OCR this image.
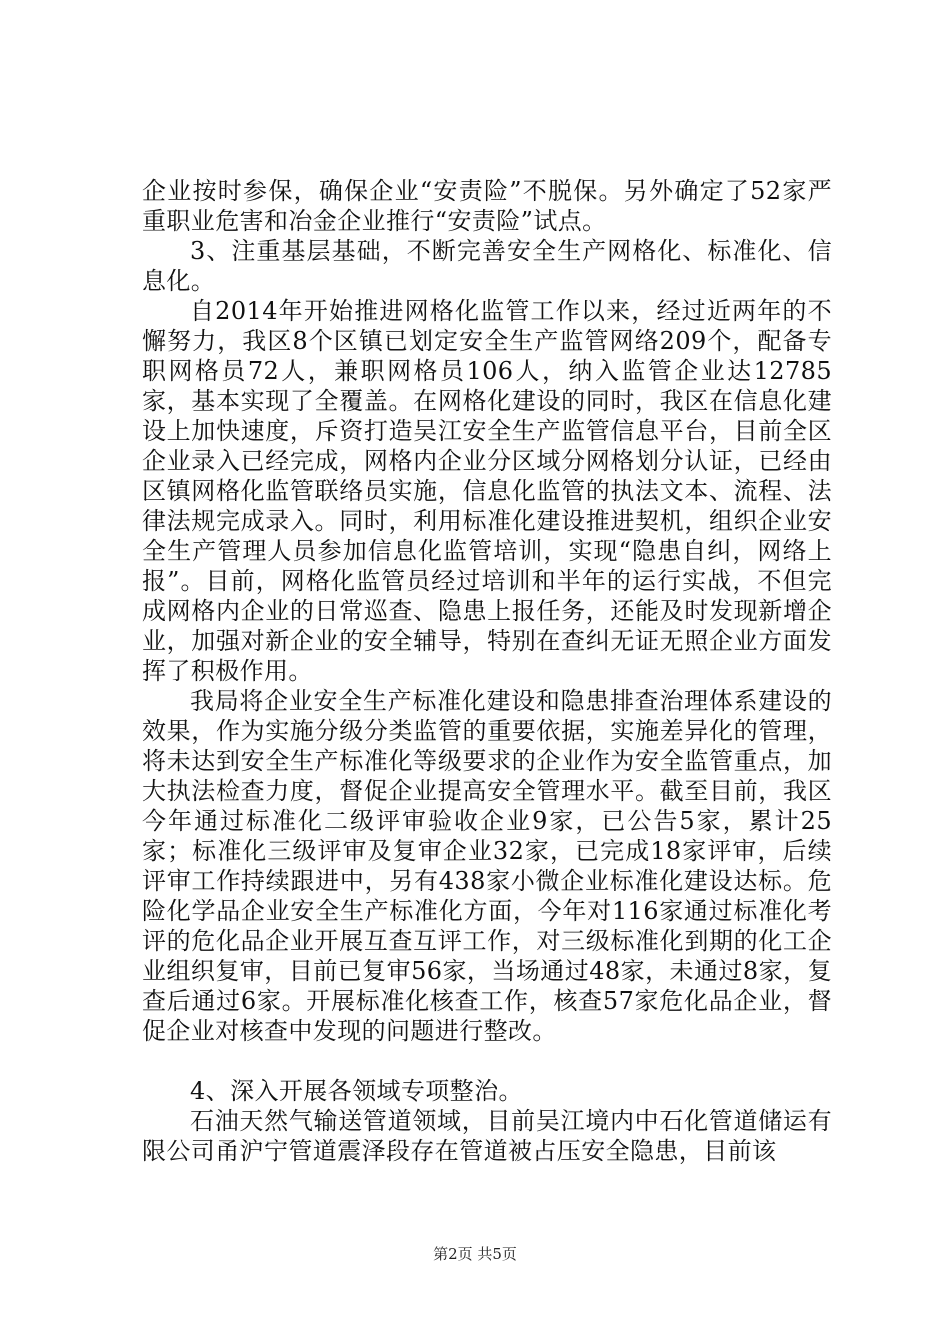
企业按时参保，确保企业“安责险”不脱保。另外确定了52家严重职业危害和冶金企业推行“安责险”试点。

3、注重基层基础，不断完善安全生产网格化、标准化、信息化。

自2014年开始推进网格化监管工作以来，经过近两年的不懈努力，我区8个区镇已划定安全生产监管网络209个，配备专职网格员72人，兼职网格员106人，纳入监管企业达12785家，基本实现了全覆盖。在网格化建设的同时，我区在信息化建设上加快速度，斥资打造吴江安全生产监管信息平台，目前全区企业录入已经完成，网格内企业分区域分网格划分认证，已经由区镇网格化监管联络员实施，信息化监管的执法文本、流程、法律法规完成录入。同时，利用标准化建设推进契机，组织企业安全生产管理人员参加信息化监管培训，实现“隐患自纠，网络上报”。目前，网格化监管员经过培训和半年的运行实战，不但完成网格内企业的日常巡查、隐患上报任务，还能及时发现新增企业，加强对新企业的安全辅导，特别在查纠无证无照企业方面发挥了积极作用。

我局将企业安全生产标准化建设和隐患排查治理体系建设的效果，作为实施分级分类监管的重要依据，实施差异化的管理，将未达到安全生产标准化等级要求的企业作为安全监管重点，加大执法检查力度，督促企业提高安全管理水平。截至目前，我区今年通过标准化二级评审验收企业9家，已公告5家，累计25家；标准化三级评审及复审企业32家，已完成18家评审，后续评审工作持续跟进中，另有438家小微企业标准化建设达标。危险化学品企业安全生产标准化方面，今年对116家通过标准化考评的危化品企业开展互查互评工作，对三级标准化到期的化工企业组织复审，目前已复审56家，当场通过48家，未通过8家，复查后通过6家。开展标准化核查工作，核查57家危化品企业，督促企业对核查中发现的问题进行整改。

4、深入开展各领域专项整治。

石油天然气输送管道领域，目前吴江境内中石化管道储运有限公司甬沪宁管道震泽段存在管道被占压安全隐患，目前该

第2页 共5页
